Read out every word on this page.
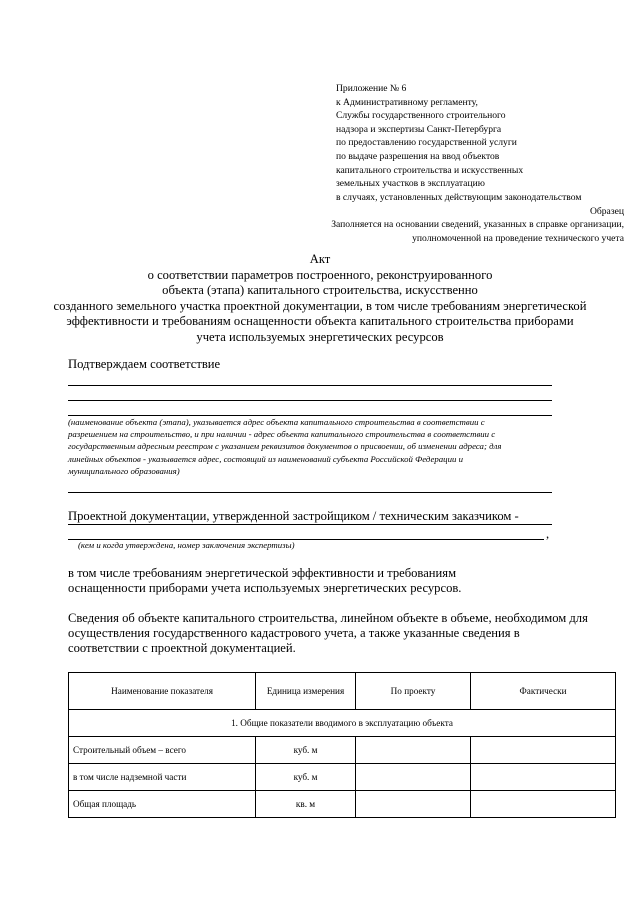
Приложение № 6
к Административному регламенту,
Службы государственного строительного
надзора и экспертизы Санкт-Петербурга
по предоставлению государственной услуги
по выдаче разрешения на ввод объектов
капитального строительства и искусственных
земельных участков в эксплуатацию
в случаях, установленных действующим законодательством
Образец
Заполняется на основании сведений, указанных в справке организации,
уполномоченной на проведение технического учета
Акт
о соответствии параметров построенного, реконструированного
объекта (этапа) капитального строительства, искусственно
созданного земельного участка проектной документации, в том числе требованиям энергетической
эффективности и требованиям оснащенности объекта капитального строительства приборами
учета используемых энергетических ресурсов
Подтверждаем соответствие
(наименование объекта (этапа), указывается адрес объекта капитального строительства в соответствии с
разрешением на строительство, и при наличии - адрес объекта капитального строительства в соответствии с
государственным адресным реестром с указанием реквизитов документов о присвоении, об изменении адреса; для
линейных объектов - указывается адрес, состоящий из наименований субъекта Российской Федерации и
муниципального образования)
Проектной документации, утвержденной застройщиком / техническим заказчиком -
,
(кем и когда утверждена, номер заключения экспертизы)
в том числе требованиям энергетической эффективности и требованиям
оснащенности приборами учета используемых энергетических ресурсов.
Сведения об объекте капитального строительства, линейном объекте в объеме, необходимом для
осуществления государственного кадастрового учета, а также указанные сведения в
соответствии с проектной документацией.
Наименование показателя	Единица измерения	По проекту	Фактически
1. Общие показатели вводимого в эксплуатацию объекта			
Строительный объем – всего	куб. м		
в том числе надземной части	куб. м		
Общая площадь	кв. м		
